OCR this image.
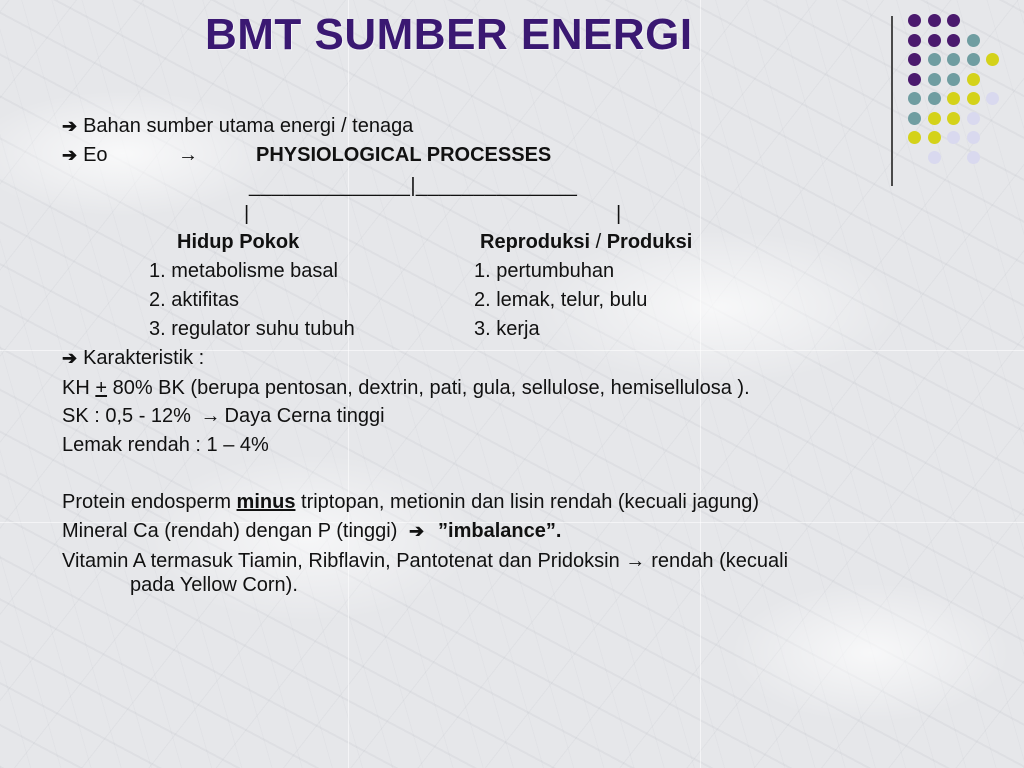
BMT SUMBER ENERGI
➔ Bahan sumber utama energi / tenaga
➔ Eo	→	PHYSIOLOGICAL PROCESSES
______________|______________
|	|
Hidup Pokok	Reproduksi / Produksi
1. metabolisme basal
2. aktifitas
3. regulator suhu tubuh
1. pertumbuhan
2. lemak, telur, bulu
3. kerja
➔ Karakteristik :
KH + 80% BK (berupa pentosan, dextrin, pati, gula, sellulose, hemisellulosa ).
SK : 0,5 - 12% → Daya Cerna tinggi
Lemak rendah : 1 – 4%
Protein endosperm minus triptopan, metionin dan lisin rendah (kecuali jagung)
Mineral Ca (rendah) dengan P (tinggi) ➔ ”imbalance”.
Vitamin A termasuk Tiamin, Ribflavin, Pantotenat dan Pridoksin → rendah (kecuali
pada Yellow Corn).
